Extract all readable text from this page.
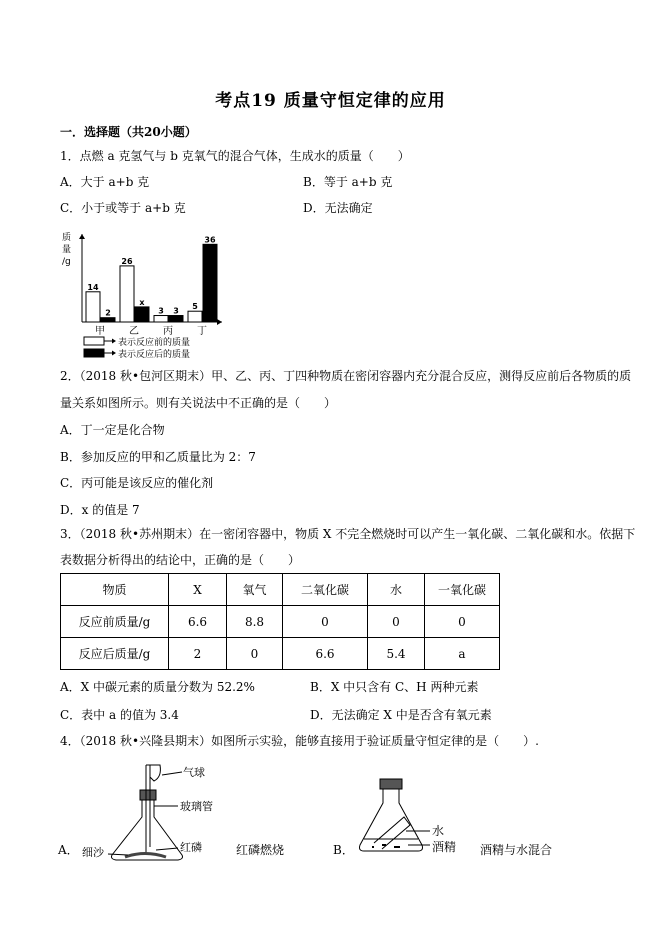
考点19 质量守恒定律的应用
一．选择题（共20小题）
1．点燃 a 克氢气与 b 克氧气的混合气体，生成水的质量（　　）
A．大于 a+b 克	B．等于 a+b 克
C．小于或等于 a+b 克	D．无法确定
质
量
/g
14
2
甲
26
x
乙
3 3
丙
5
36
丁
表示反应前的质量
表示反应后的质量
2．（2018 秋•包河区期末）甲、乙、丙、丁四种物质在密闭容器内充分混合反应，测得反应前后各物质的质
量关系如图所示。则有关说法中不正确的是（　　）
A．丁一定是化合物
B．参加反应的甲和乙质量比为 2：7
C．丙可能是该反应的催化剂
D．x 的值是 7
3．（2018 秋•苏州期末）在一密闭容器中，物质 X 不完全燃烧时可以产生一氧化碳、二氧化碳和水。依据下
表数据分析得出的结论中，正确的是（　　）
物质	X	氧气	二氧化碳	水	一氧化碳
反应前质量/g	6.6	8.8	0	0	0
反应后质量/g	2	0	6.6	5.4	a
A．X 中碳元素的质量分数为 52.2%	B．X 中只含有 C、H 两种元素
C．表中 a 的值为 3.4	D．无法确定 X 中是否含有氧元素
4．（2018 秋•兴隆县期末）如图所示实验，能够直接用于验证质量守恒定律的是（　　）.
气球
玻璃管
红磷
细沙
A．	红磷燃烧
水
酒精
B．	酒精与水混合
